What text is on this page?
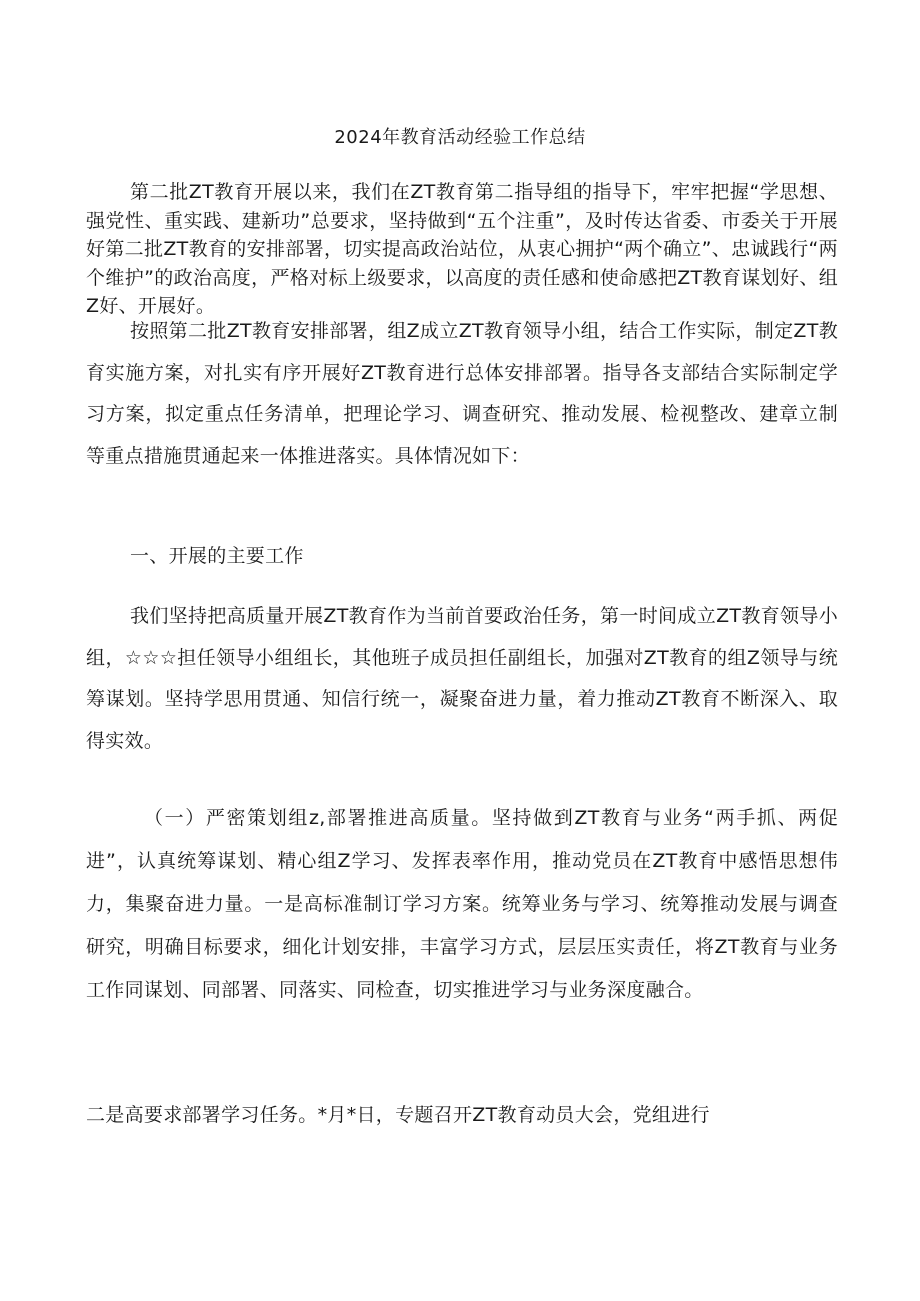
2024年教育活动经验工作总结

第二批ZT教育开展以来，我们在ZT教育第二指导组的指导下，牢牢把握“学思想、强党性、重实践、建新功”总要求，坚持做到“五个注重”，及时传达省委、市委关于开展好第二批ZT教育的安排部署，切实提高政治站位，从衷心拥护“两个确立”、忠诚践行“两个维护”的政治高度，严格对标上级要求，以高度的责任感和使命感把ZT教育谋划好、组Z好、开展好。

按照第二批ZT教育安排部署，组Z成立ZT教育领导小组，结合工作实际，制定ZT教育实施方案，对扎实有序开展好ZT教育进行总体安排部署。指导各支部结合实际制定学习方案，拟定重点任务清单，把理论学习、调查研究、推动发展、检视整改、建章立制等重点措施贯通起来一体推进落实。具体情况如下：

一、开展的主要工作

我们坚持把高质量开展ZT教育作为当前首要政治任务，第一时间成立ZT教育领导小组，☆☆☆担任领导小组组长，其他班子成员担任副组长，加强对ZT教育的组Z领导与统筹谋划。坚持学思用贯通、知信行统一，凝聚奋进力量，着力推动ZT教育不断深入、取得实效。

（一）严密策划组z,部署推进高质量。坚持做到ZT教育与业务“两手抓、两促进”，认真统筹谋划、精心组Z学习、发挥表率作用，推动党员在ZT教育中感悟思想伟力，集聚奋进力量。一是高标准制订学习方案。统筹业务与学习、统筹推动发展与调查研究，明确目标要求，细化计划安排，丰富学习方式，层层压实责任，将ZT教育与业务工作同谋划、同部署、同落实、同检查，切实推进学习与业务深度融合。

二是高要求部署学习任务。*月*日，专题召开ZT教育动员大会，党组进行
